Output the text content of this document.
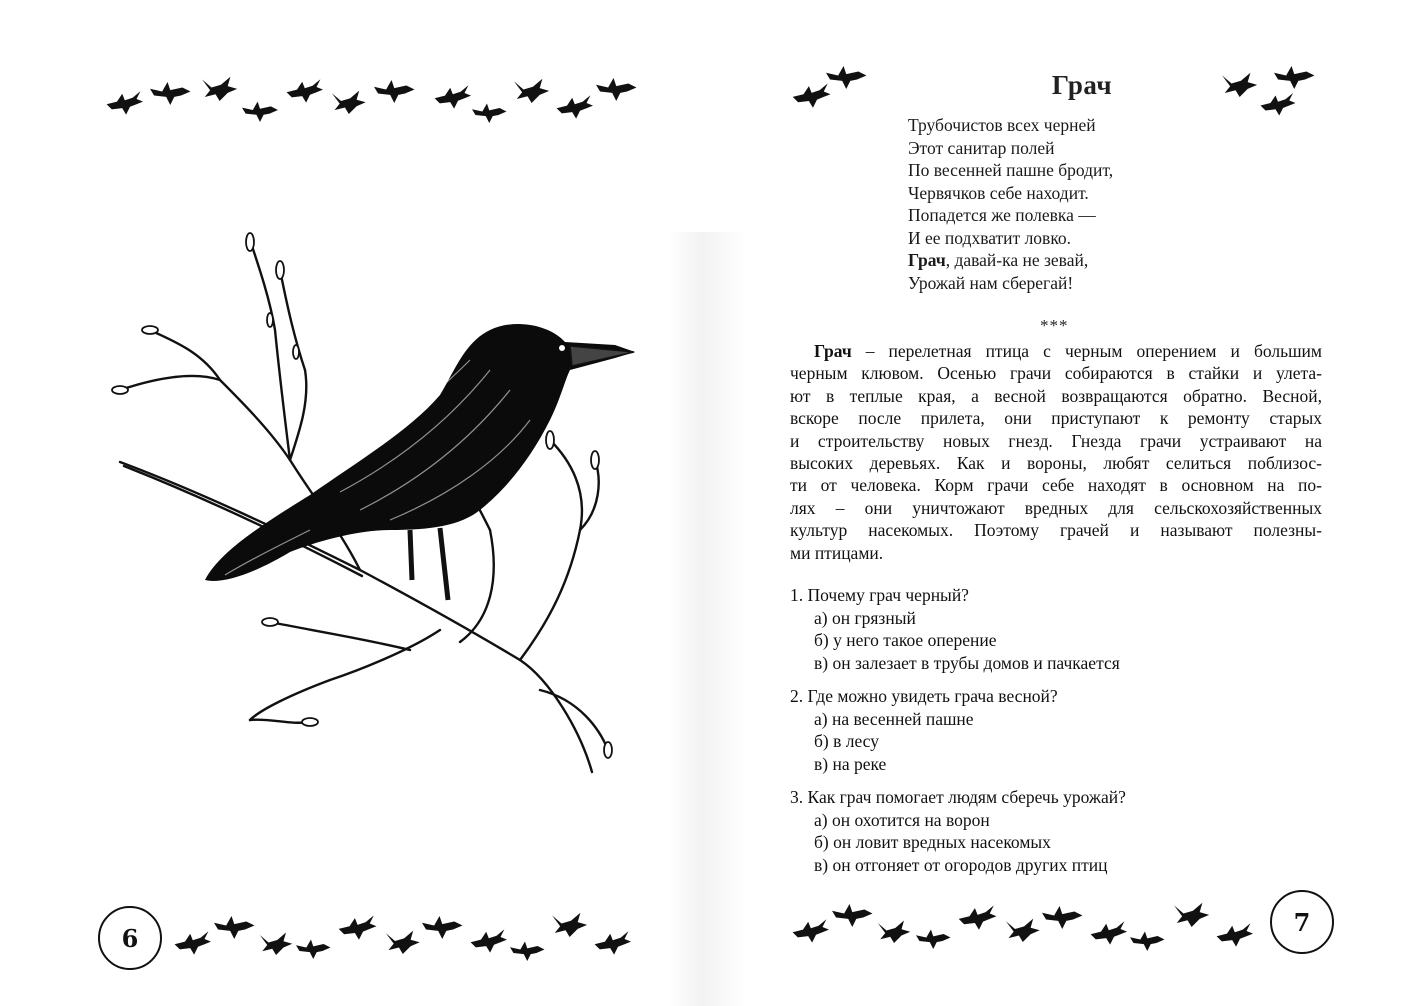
6
Грач
Трубочистов всех черней
Этот санитар полей
По весенней пашне бродит,
Червячков себе находит.
Попадется же полевка —
И ее подхватит ловко.
Грач, давай-ка не зевай,
Урожай нам сберегай!
***
Грач – перелетная птица с черным оперением и большим
черным клювом. Осенью грачи собираются в стайки и улета-
ют в теплые края, а весной возвращаются обратно. Весной,
вскоре после прилета, они приступают к ремонту старых
и строительству новых гнезд. Гнезда грачи устраивают на
высоких деревьях. Как и вороны, любят селиться поблизос-
ти от человека. Корм грачи себе находят в основном на по-
лях – они уничтожают вредных для сельскохозяйственных
культур насекомых. Поэтому грачей и называют полезны-
ми птицами.
1. Почему грач черный?
а) он грязный
б) у него такое оперение
в) он залезает в трубы домов и пачкается
2. Где можно увидеть грача весной?
а) на весенней пашне
б) в лесу
в) на реке
3. Как грач помогает людям сберечь урожай?
а) он охотится на ворон
б) он ловит вредных насекомых
в) он отгоняет от огородов других птиц
7
